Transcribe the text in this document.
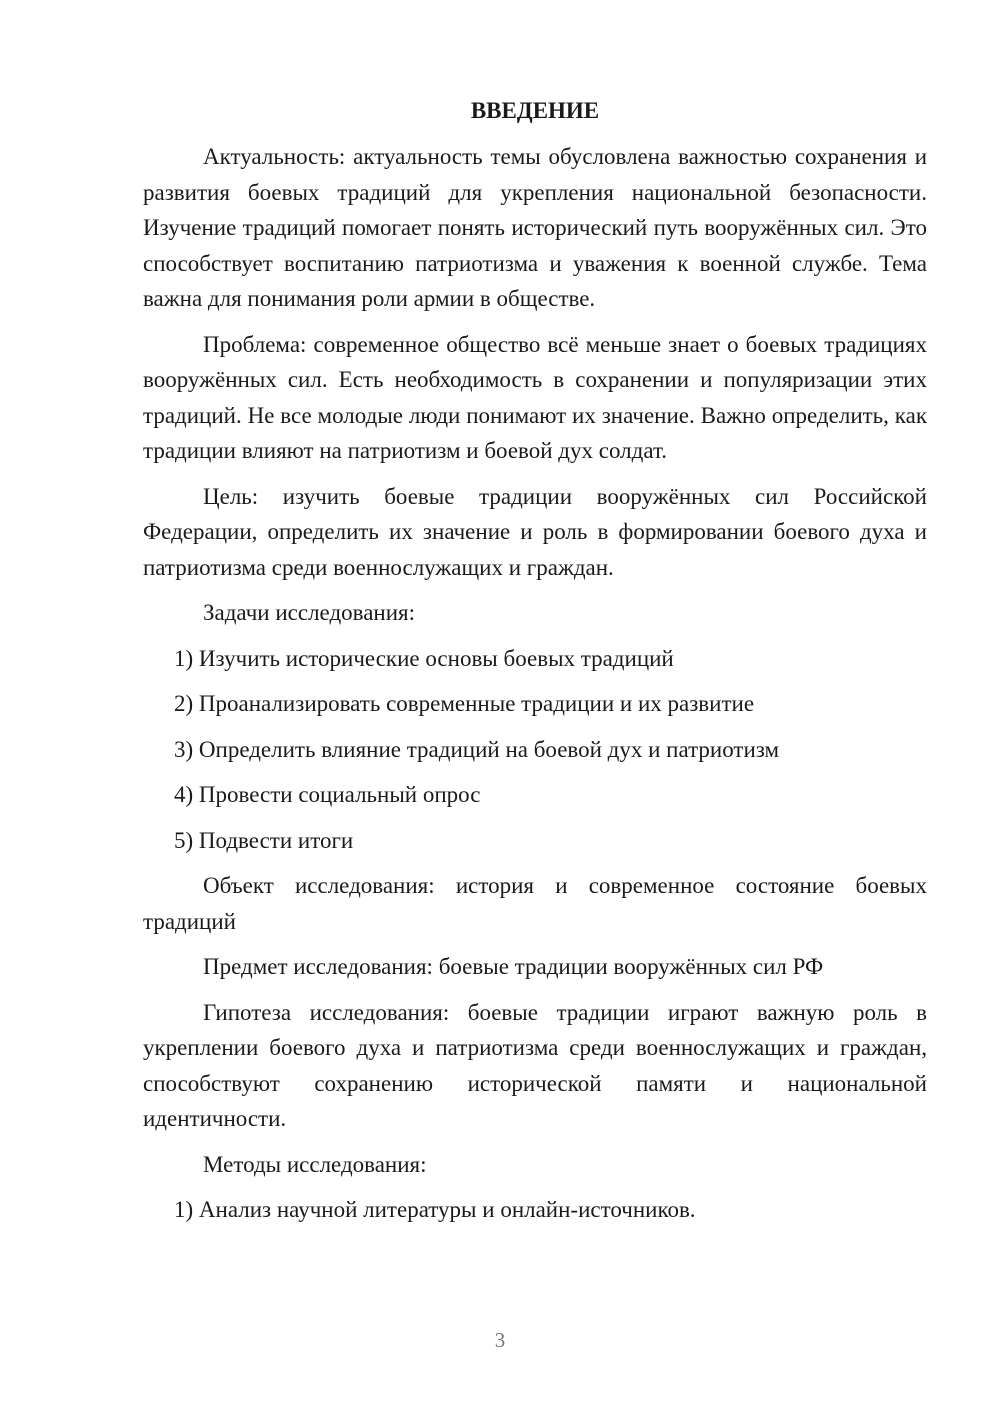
ВВЕДЕНИЕ
Актуальность: актуальность темы обусловлена важностью сохранения и развития боевых традиций для укрепления национальной безопасности. Изучение традиций помогает понять исторический путь вооружённых сил. Это способствует воспитанию патриотизма и уважения к военной службе. Тема важна для понимания роли армии в обществе.
Проблема: современное общество всё меньше знает о боевых традициях вооружённых сил. Есть необходимость в сохранении и популяризации этих традиций. Не все молодые люди понимают их значение. Важно определить, как традиции влияют на патриотизм и боевой дух солдат.
Цель: изучить боевые традиции вооружённых сил Российской Федерации, определить их значение и роль в формировании боевого духа и патриотизма среди военнослужащих и граждан.
Задачи исследования:
1) Изучить исторические основы боевых традиций
2) Проанализировать современные традиции и их развитие
3) Определить влияние традиций на боевой дух и патриотизм
4) Провести социальный опрос
5) Подвести итоги
Объект исследования: история и современное состояние боевых традиций
Предмет исследования: боевые традиции вооружённых сил РФ
Гипотеза исследования: боевые традиции играют важную роль в укреплении боевого духа и патриотизма среди военнослужащих и граждан, способствуют сохранению исторической памяти и национальной идентичности.
Методы исследования:
1) Анализ научной литературы и онлайн-источников.
3
